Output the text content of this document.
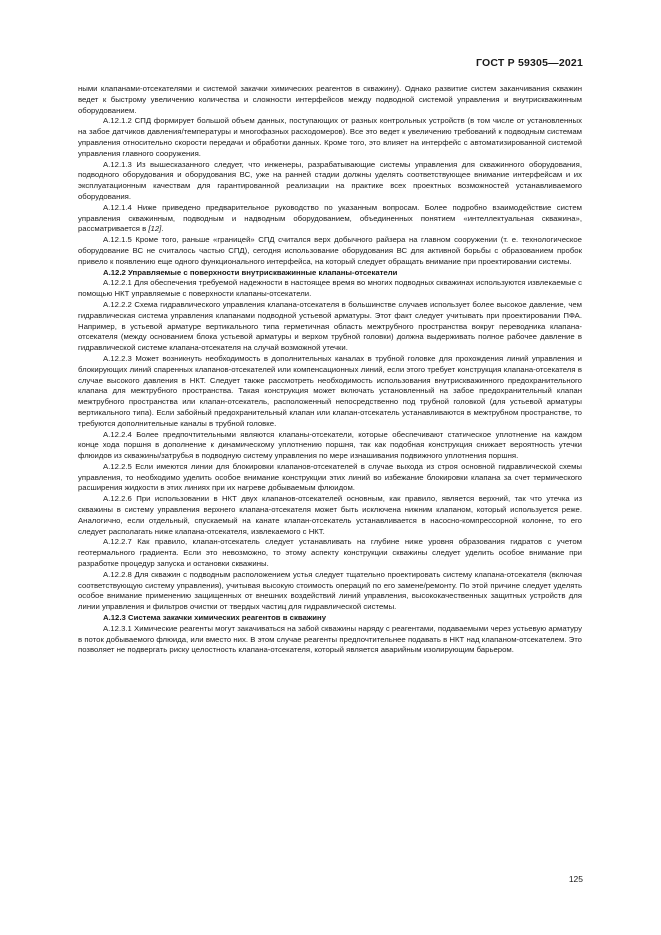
ГОСТ Р 59305—2021

ными клапанами-отсекателями и системой закачки химических реагентов в скважину). Однако развитие систем заканчивания скважин ведет к быстрому увеличению количества и сложности интерфейсов между подводной системой управления и внутрискважинным оборудованием.

А.12.1.2 СПД формирует большой объем данных, поступающих от разных контрольных устройств (в том числе от установленных на забое датчиков давления/температуры и многофазных расходомеров). Все это ведет к увеличению требований к подводным системам управления относительно скорости передачи и обработки данных. Кроме того, это влияет на интерфейс с автоматизированной системой управления главного сооружения.

А.12.1.3 Из вышесказанного следует, что инженеры, разрабатывающие системы управления для скважинного оборудования, подводного оборудования и оборудования ВС, уже на ранней стадии должны уделять соответствующее внимание интерфейсам и их эксплуатационным качествам для гарантированной реализации на практике всех проектных возможностей устанавливаемого оборудования.

А.12.1.4 Ниже приведено предварительное руководство по указанным вопросам. Более подробно взаимодействие систем управления скважинным, подводным и надводным оборудованием, объединенных понятием «интеллектуальная скважина», рассматривается в [12].

А.12.1.5 Кроме того, раньше «границей» СПД считался верх добычного райзера на главном сооружении (т. е. технологическое оборудование ВС не считалось частью СПД), сегодня использование оборудования ВС для активной борьбы с образованием пробок привело к появлению еще одного функционального интерфейса, на который следует обращать внимание при проектировании системы.

А.12.2 Управляемые с поверхности внутрискважинные клапаны-отсекатели

А.12.2.1 Для обеспечения требуемой надежности в настоящее время во многих подводных скважинах используются извлекаемые с помощью НКТ управляемые с поверхности клапаны-отсекатели.

А.12.2.2 Схема гидравлического управления клапана-отсекателя в большинстве случаев использует более высокое давление, чем гидравлическая система управления клапанами подводной устьевой арматуры. Этот факт следует учитывать при проектировании ПФА. Например, в устьевой арматуре вертикального типа герметичная область межтрубного пространства вокруг переводника клапана-отсекателя (между основанием блока устьевой арматуры и верхом трубной головки) должна выдерживать полное рабочее давление в гидравлической системе клапана-отсекателя на случай возможной утечки.

А.12.2.3 Может возникнуть необходимость в дополнительных каналах в трубной головке для прохождения линий управления и блокирующих линий спаренных клапанов-отсекателей или компенсационных линий, если этого требует конструкция клапана-отсекателя в случае высокого давления в НКТ. Следует также рассмотреть необходимость использования внутрискважинного предохранительного клапана для межтрубного пространства. Такая конструкция может включать установленный на забое предохранительный клапан межтрубного пространства или клапан-отсекатель, расположенный непосредственно под трубной головкой (для устьевой арматуры вертикального типа). Если забойный предохранительный клапан или клапан-отсекатель устанавливаются в межтрубном пространстве, то требуются дополнительные каналы в трубной головке.

А.12.2.4 Более предпочтительными являются клапаны-отсекатели, которые обеспечивают статическое уплотнение на каждом конце хода поршня в дополнение к динамическому уплотнению поршня, так как подобная конструкция снижает вероятность утечки флюидов из скважины/затрубья в подводную систему управления по мере изнашивания подвижного уплотнения поршня.

А.12.2.5 Если имеются линии для блокировки клапанов-отсекателей в случае выхода из строя основной гидравлической схемы управления, то необходимо уделить особое внимание конструкции этих линий во избежание блокировки клапана за счет термического расширения жидкости в этих линиях при их нагреве добываемым флюидом.

А.12.2.6 При использовании в НКТ двух клапанов-отсекателей основным, как правило, является верхний, так что утечка из скважины в систему управления верхнего клапана-отсекателя может быть исключена нижним клапаном, который используется реже. Аналогично, если отдельный, спускаемый на канате клапан-отсекатель устанавливается в насосно-компрессорной колонне, то его следует располагать ниже клапана-отсекателя, извлекаемого с НКТ.

А.12.2.7 Как правило, клапан-отсекатель следует устанавливать на глубине ниже уровня образования гидратов с учетом геотермального градиента. Если это невозможно, то этому аспекту конструкции скважины следует уделить особое внимание при разработке процедур запуска и остановки скважины.

А.12.2.8 Для скважин с подводным расположением устья следует тщательно проектировать систему клапана-отсекателя (включая соответствующую систему управления), учитывая высокую стоимость операций по его замене/ремонту. По этой причине следует уделять особое внимание применению защищенных от внешних воздействий линий управления, высококачественных защитных устройств для линии управления и фильтров очистки от твердых частиц для гидравлической системы.

А.12.3 Система закачки химических реагентов в скважину

А.12.3.1 Химические реагенты могут закачиваться на забой скважины наряду с реагентами, подаваемыми через устьевую арматуру в поток добываемого флюида, или вместо них. В этом случае реагенты предпочтительнее подавать в НКТ над клапаном-отсекателем. Это позволяет не подвергать риску целостность клапана-отсекателя, который является аварийным изолирующим барьером.

125
